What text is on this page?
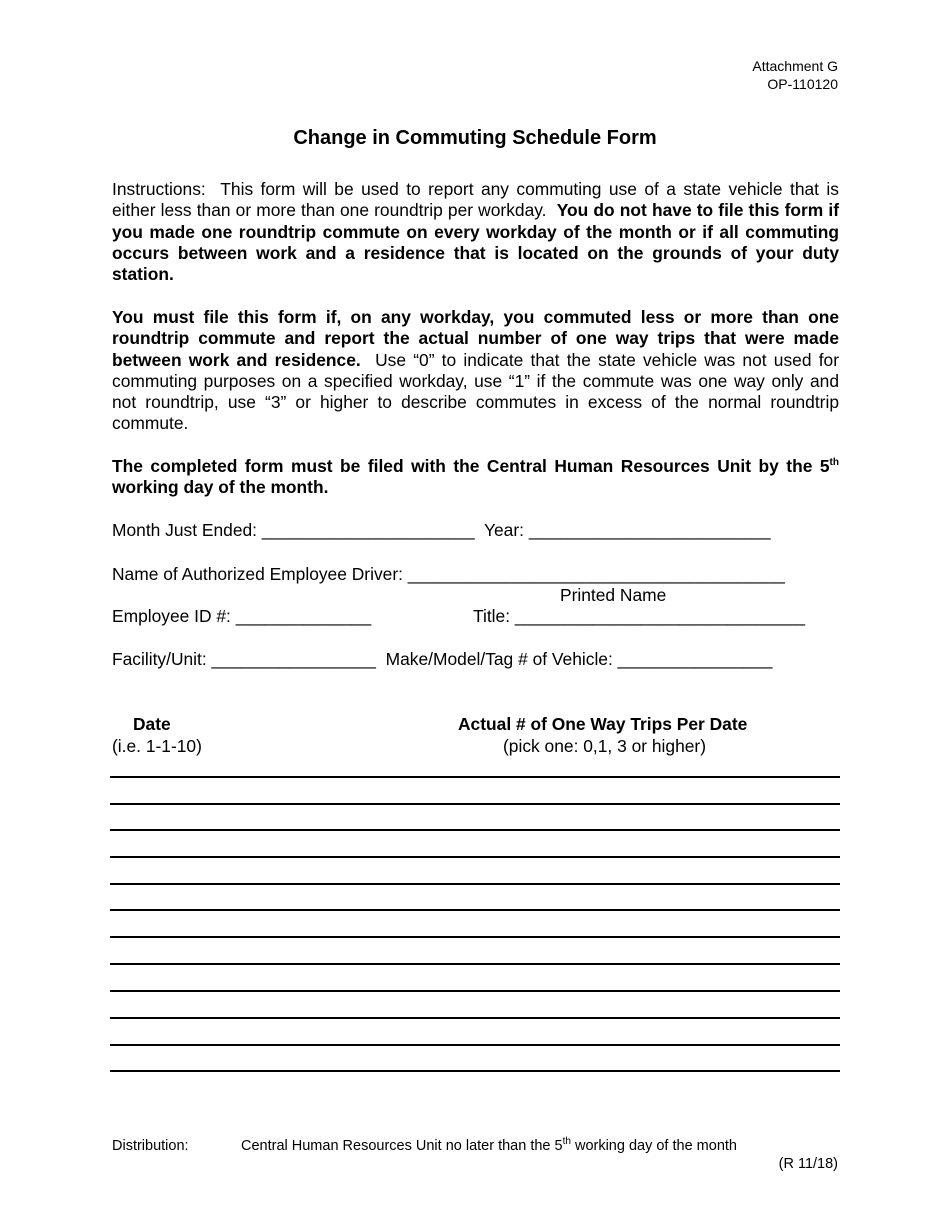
Attachment G
OP-110120
Change in Commuting Schedule Form
Instructions: This form will be used to report any commuting use of a state vehicle that is either less than or more than one roundtrip per workday. You do not have to file this form if you made one roundtrip commute on every workday of the month or if all commuting occurs between work and a residence that is located on the grounds of your duty station.
You must file this form if, on any workday, you commuted less or more than one roundtrip commute and report the actual number of one way trips that were made between work and residence. Use “0” to indicate that the state vehicle was not used for commuting purposes on a specified workday, use “1” if the commute was one way only and not roundtrip, use “3” or higher to describe commutes in excess of the normal roundtrip commute.
The completed form must be filed with the Central Human Resources Unit by the 5th working day of the month.
Month Just Ended: ______________________ Year: _________________________
Name of Authorized Employee Driver: _______________________________________
Printed Name
Employee ID #: ______________	Title: ______________________________
Facility/Unit: _________________ Make/Model/Tag # of Vehicle: ________________
Date
(i.e. 1-1-10)
Actual # of One Way Trips Per Date
(pick one: 0,1, 3 or higher)
Distribution:	Central Human Resources Unit no later than the 5th working day of the month
(R 11/18)
